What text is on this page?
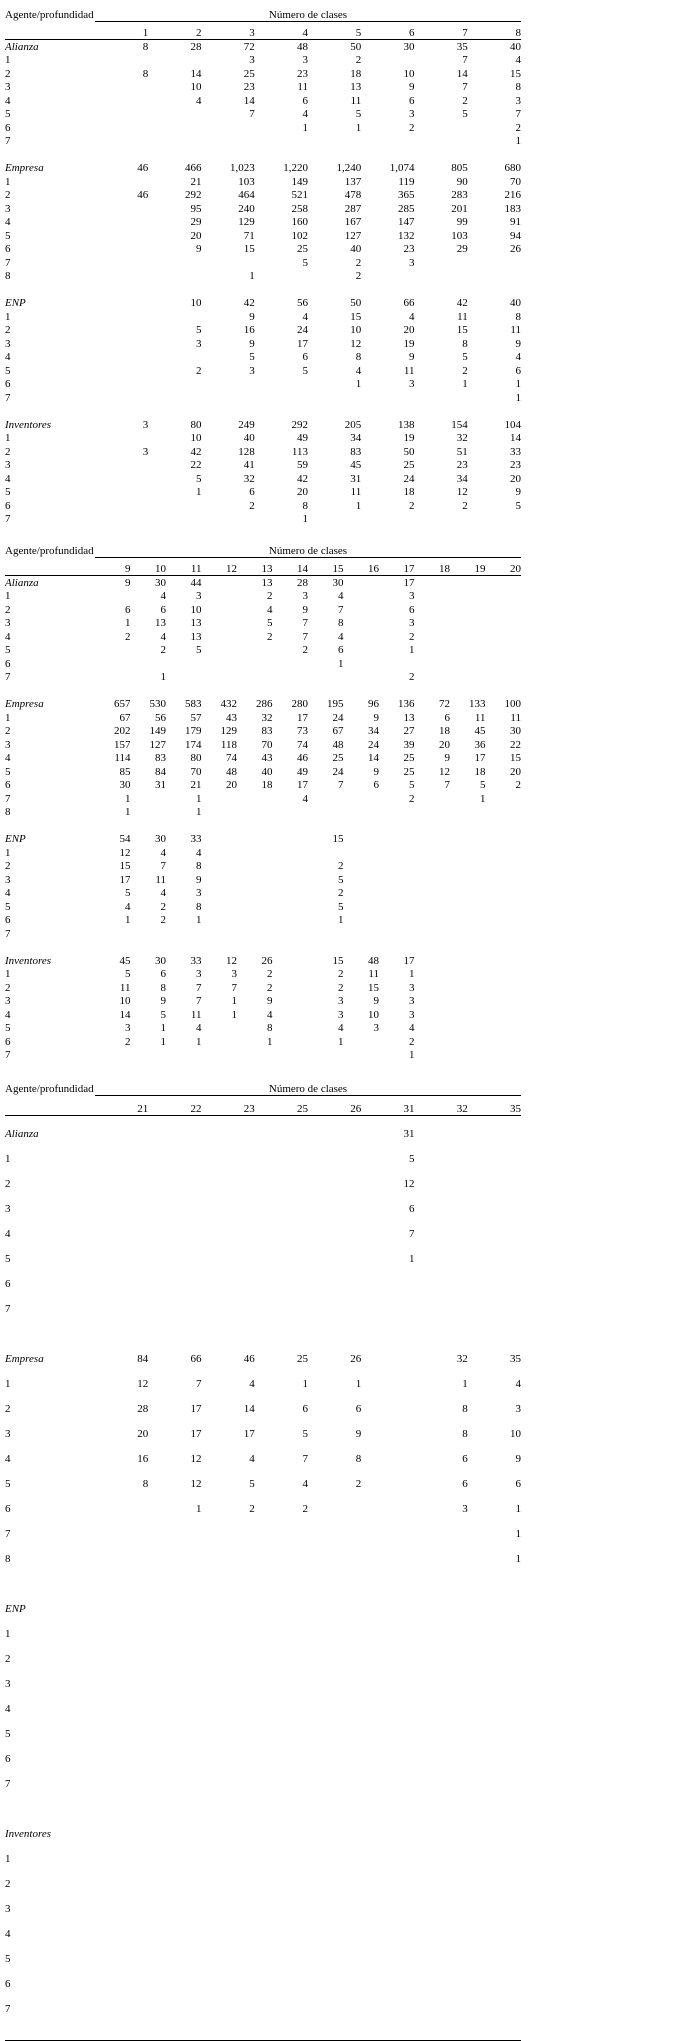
Agente/profundidad	Número de clases							
	1	2	3	4	5	6	7	8
Alianza	8	28	72	48	50	30	35	40
1			3	3	2		7	4
2	8	14	25	23	18	10	14	15
3		10	23	11	13	9	7	8
4		4	14	6	11	6	2	3
5			7	4	5	3	5	7
6				1	1	2		2
7								1

Empresa	46	466	1,023	1,220	1,240	1,074	805	680
1		21	103	149	137	119	90	70
2	46	292	464	521	478	365	283	216
3		95	240	258	287	285	201	183
4		29	129	160	167	147	99	91
5		20	71	102	127	132	103	94
6		9	15	25	40	23	29	26
7				5	2	3		
8			1		2			

ENP		10	42	56	50	66	42	40
1			9	4	15	4	11	8
2		5	16	24	10	20	15	11
3		3	9	17	12	19	8	9
4			5	6	8	9	5	4
5		2	3	5	4	11	2	6
6					1	3	1	1
7								1

Inventores	3	80	249	292	205	138	154	104
1		10	40	49	34	19	32	14
2	3	42	128	113	83	50	51	33
3		22	41	59	45	25	23	23
4		5	32	42	31	24	34	20
5		1	6	20	11	18	12	9
6			2	8	1	2	2	5
7				1				
Agente/profundidad	Número de clases											
	9	10	11	12	13	14	15	16	17	18	19	20
Alianza	9	30	44		13	28	30		17			
1		4	3		2	3	4		3			
2	6	6	10		4	9	7		6			
3	1	13	13		5	7	8		3			
4	2	4	13		2	7	4		2			
5		2	5			2	6		1			
6							1					
7		1							2			

Empresa	657	530	583	432	286	280	195	96	136	72	133	100
1	67	56	57	43	32	17	24	9	13	6	11	11
2	202	149	179	129	83	73	67	34	27	18	45	30
3	157	127	174	118	70	74	48	24	39	20	36	22
4	114	83	80	74	43	46	25	14	25	9	17	15
5	85	84	70	48	40	49	24	9	25	12	18	20
6	30	31	21	20	18	17	7	6	5	7	5	2
7	1		1			4			2		1	
8	1		1									

ENP	54	30	33				15					
1	12	4	4									
2	15	7	8				2					
3	17	11	9				5					
4	5	4	3				2					
5	4	2	8				5					
6	1	2	1				1					
7												

Inventores	45	30	33	12	26		15	48	17			
1	5	6	3	3	2		2	11	1			
2	11	8	7	7	2		2	15	3			
3	10	9	7	1	9		3	9	3			
4	14	5	11	1	4		3	10	3			
5	3	1	4		8		4	3	4			
6	2	1	1		1		1		2			
7									1			
Agente/profundidad	Número de clases							
	21	22	23	25	26	31	32	35
Alianza						31		
1						5		
2						12		
3						6		
4						7		
5						1		
6								
7								

Empresa	84	66	46	25	26		32	35
1	12	7	4	1	1		1	4
2	28	17	14	6	6		8	3
3	20	17	17	5	9		8	10
4	16	12	4	7	8		6	9
5	8	12	5	4	2		6	6
6		1	2	2			3	1
7								1
8								1

ENP								
1								
2								
3								
4								
5								
6								
7								

Inventores								
1								
2								
3								
4								
5								
6								
7								
